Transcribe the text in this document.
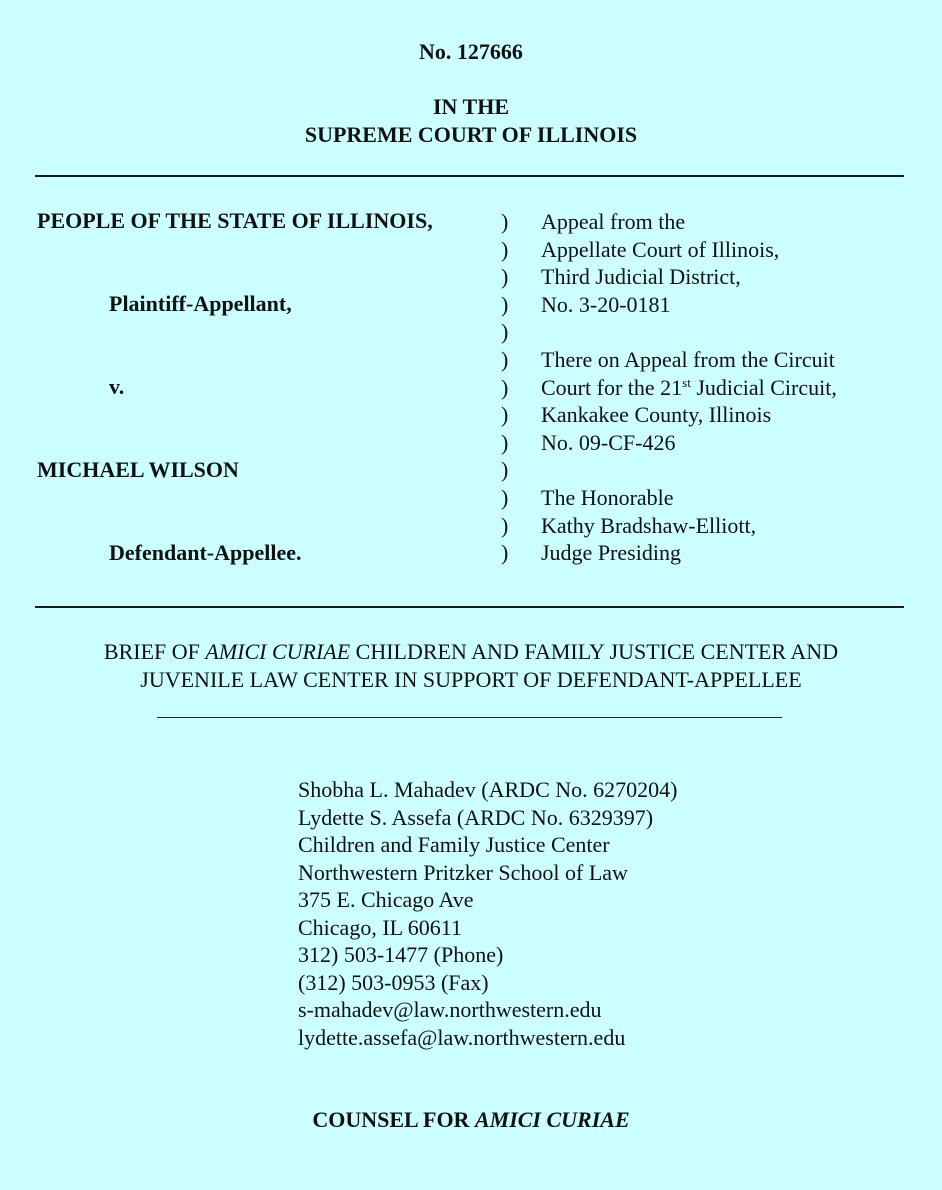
No. 127666
IN THE
SUPREME COURT OF ILLINOIS
PEOPLE OF THE STATE OF ILLINOIS,
Plaintiff-Appellant,
v.
MICHAEL WILSON
Defendant-Appellee.
)
)
)
)
)
)
)
)
)
)
)
)
)
Appeal from the
Appellate Court of Illinois,
Third Judicial District,
No. 3-20-0181
There on Appeal from the Circuit
Court for the 21st Judicial Circuit,
Kankakee County, Illinois
No. 09-CF-426
The Honorable
Kathy Bradshaw-Elliott,
Judge Presiding
BRIEF OF AMICI CURIAE CHILDREN AND FAMILY JUSTICE CENTER AND
JUVENILE LAW CENTER IN SUPPORT OF DEFENDANT-APPELLEE
Shobha L. Mahadev (ARDC No. 6270204)
Lydette S. Assefa (ARDC No. 6329397)
Children and Family Justice Center
Northwestern Pritzker School of Law
375 E. Chicago Ave
Chicago, IL 60611
312) 503-1477 (Phone)
(312) 503-0953 (Fax)
s-mahadev@law.northwestern.edu
lydette.assefa@law.northwestern.edu
COUNSEL FOR AMICI CURIAE
